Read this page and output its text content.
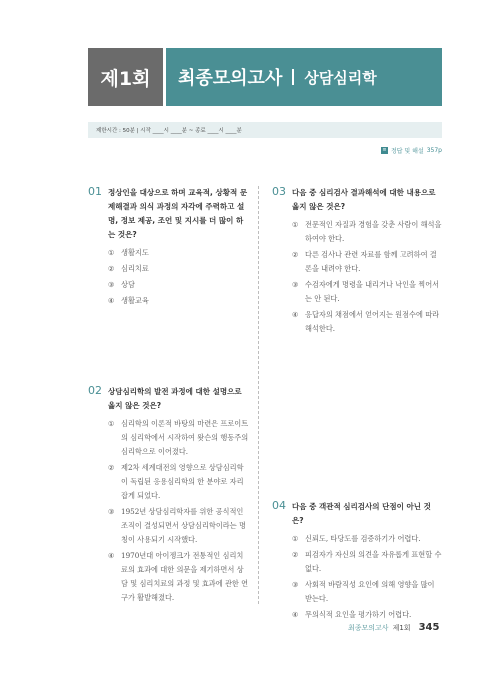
제1회 최종모의고사 상담심리학
제한시간 : 50분 | 시작 ____시 ____분 ~ 종료 ____시 ____분
≡ 정답 및 해설 357p
01 정상인을 대상으로 하며 교육적, 상황적 문제해결과 의식 과정의 자각에 주력하고 설명, 정보 제공, 조언 및 지시를 더 많이 하는 것은?
① 생활지도
② 심리치료
③ 상담
④ 생활교육
02 상담심리학의 발전 과정에 대한 설명으로 옳지 않은 것은?
① 심리학의 이론적 바탕의 마련은 프로이트의 심리학에서 시작하여 왓슨의 행동주의 심리학으로 이어졌다.
② 제2차 세계대전의 영향으로 상담심리학이 독립된 응용심리학의 한 분야로 자리 잡게 되었다.
③ 1952년 상담심리학자를 위한 공식적인 조직이 결성되면서 상담심리학이라는 명칭이 사용되기 시작했다.
④ 1970년대 아이젱크가 전통적인 심리치료의 효과에 대한 의문을 제기하면서 상담 및 심리치료의 과정 및 효과에 관한 연구가 활발해졌다.
03 다음 중 심리검사 결과해석에 대한 내용으로 옳지 않은 것은?
① 전문적인 자질과 경험을 갖춘 사람이 해석을 하여야 한다.
② 다른 검사나 관련 자료를 함께 고려하여 결론을 내려야 한다.
③ 수검자에게 명령을 내리거나 낙인을 찍어서는 안 된다.
④ 응답자의 채점에서 얻어지는 원점수에 따라 해석한다.
04 다음 중 객관적 심리검사의 단점이 아닌 것은?
① 신뢰도, 타당도를 검증하기가 어렵다.
② 피검자가 자신의 의견을 자유롭게 표현할 수 없다.
③ 사회적 바람직성 요인에 의해 영향을 많이 받는다.
④ 무의식적 요인을 평가하기 어렵다.
최종모의고사 제1회 345
